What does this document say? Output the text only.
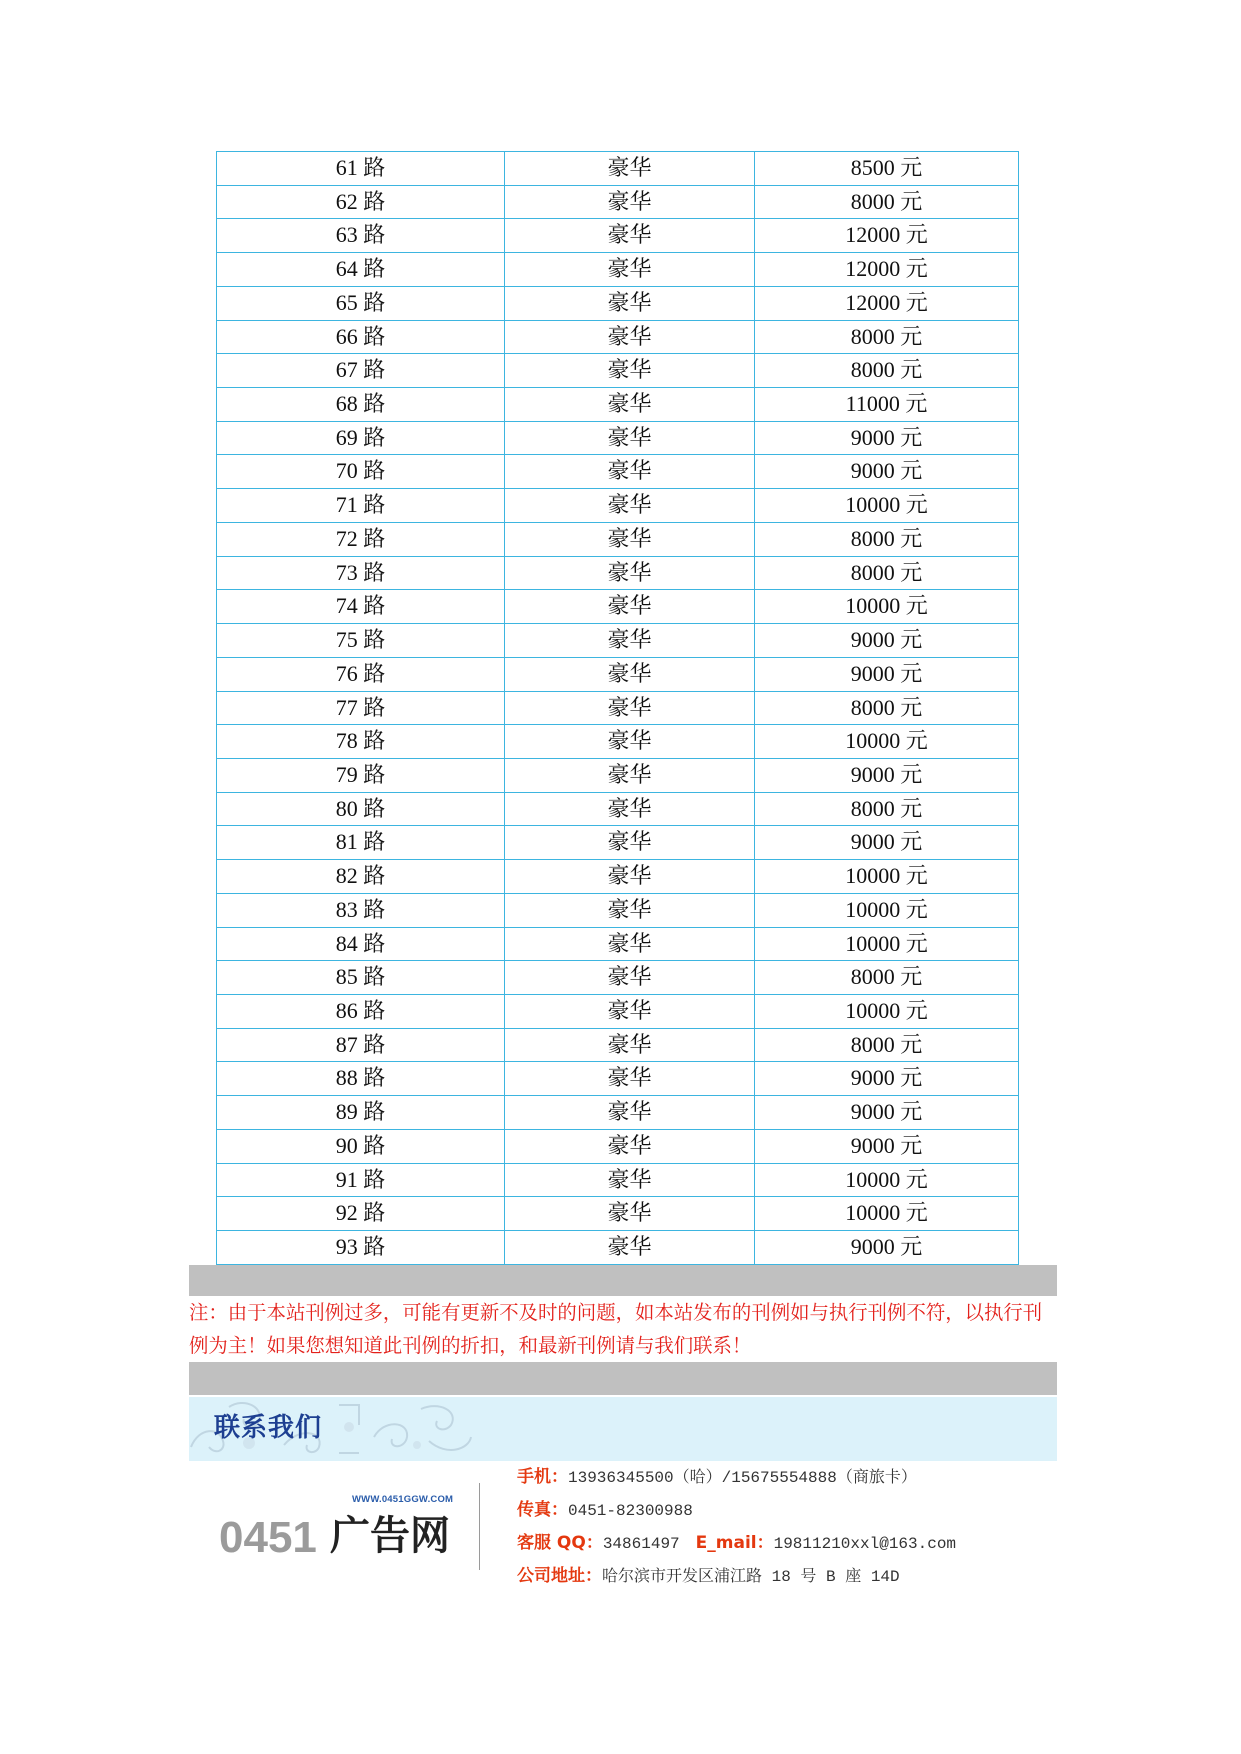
61 路	豪华	8500 元
62 路	豪华	8000 元
63 路	豪华	12000 元
64 路	豪华	12000 元
65 路	豪华	12000 元
66 路	豪华	8000 元
67 路	豪华	8000 元
68 路	豪华	11000 元
69 路	豪华	9000 元
70 路	豪华	9000 元
71 路	豪华	10000 元
72 路	豪华	8000 元
73 路	豪华	8000 元
74 路	豪华	10000 元
75 路	豪华	9000 元
76 路	豪华	9000 元
77 路	豪华	8000 元
78 路	豪华	10000 元
79 路	豪华	9000 元
80 路	豪华	8000 元
81 路	豪华	9000 元
82 路	豪华	10000 元
83 路	豪华	10000 元
84 路	豪华	10000 元
85 路	豪华	8000 元
86 路	豪华	10000 元
87 路	豪华	8000 元
88 路	豪华	9000 元
89 路	豪华	9000 元
90 路	豪华	9000 元
91 路	豪华	10000 元
92 路	豪华	10000 元
93 路	豪华	9000 元

注：由于本站刊例过多，可能有更新不及时的问题，如本站发布的刊例如与执行刊例不符，以执行刊例为主！如果您想知道此刊例的折扣，和最新刊例请与我们联系！

联系我们
WWW.0451GGW.COM
0451 广告网
手机：13936345500（哈）/15675554888（商旅卡）
传真：0451-82300988
客服 QQ：34861497 E_mail：19811210xxl@163.com
公司地址：哈尔滨市开发区浦江路 18 号 B 座 14D
